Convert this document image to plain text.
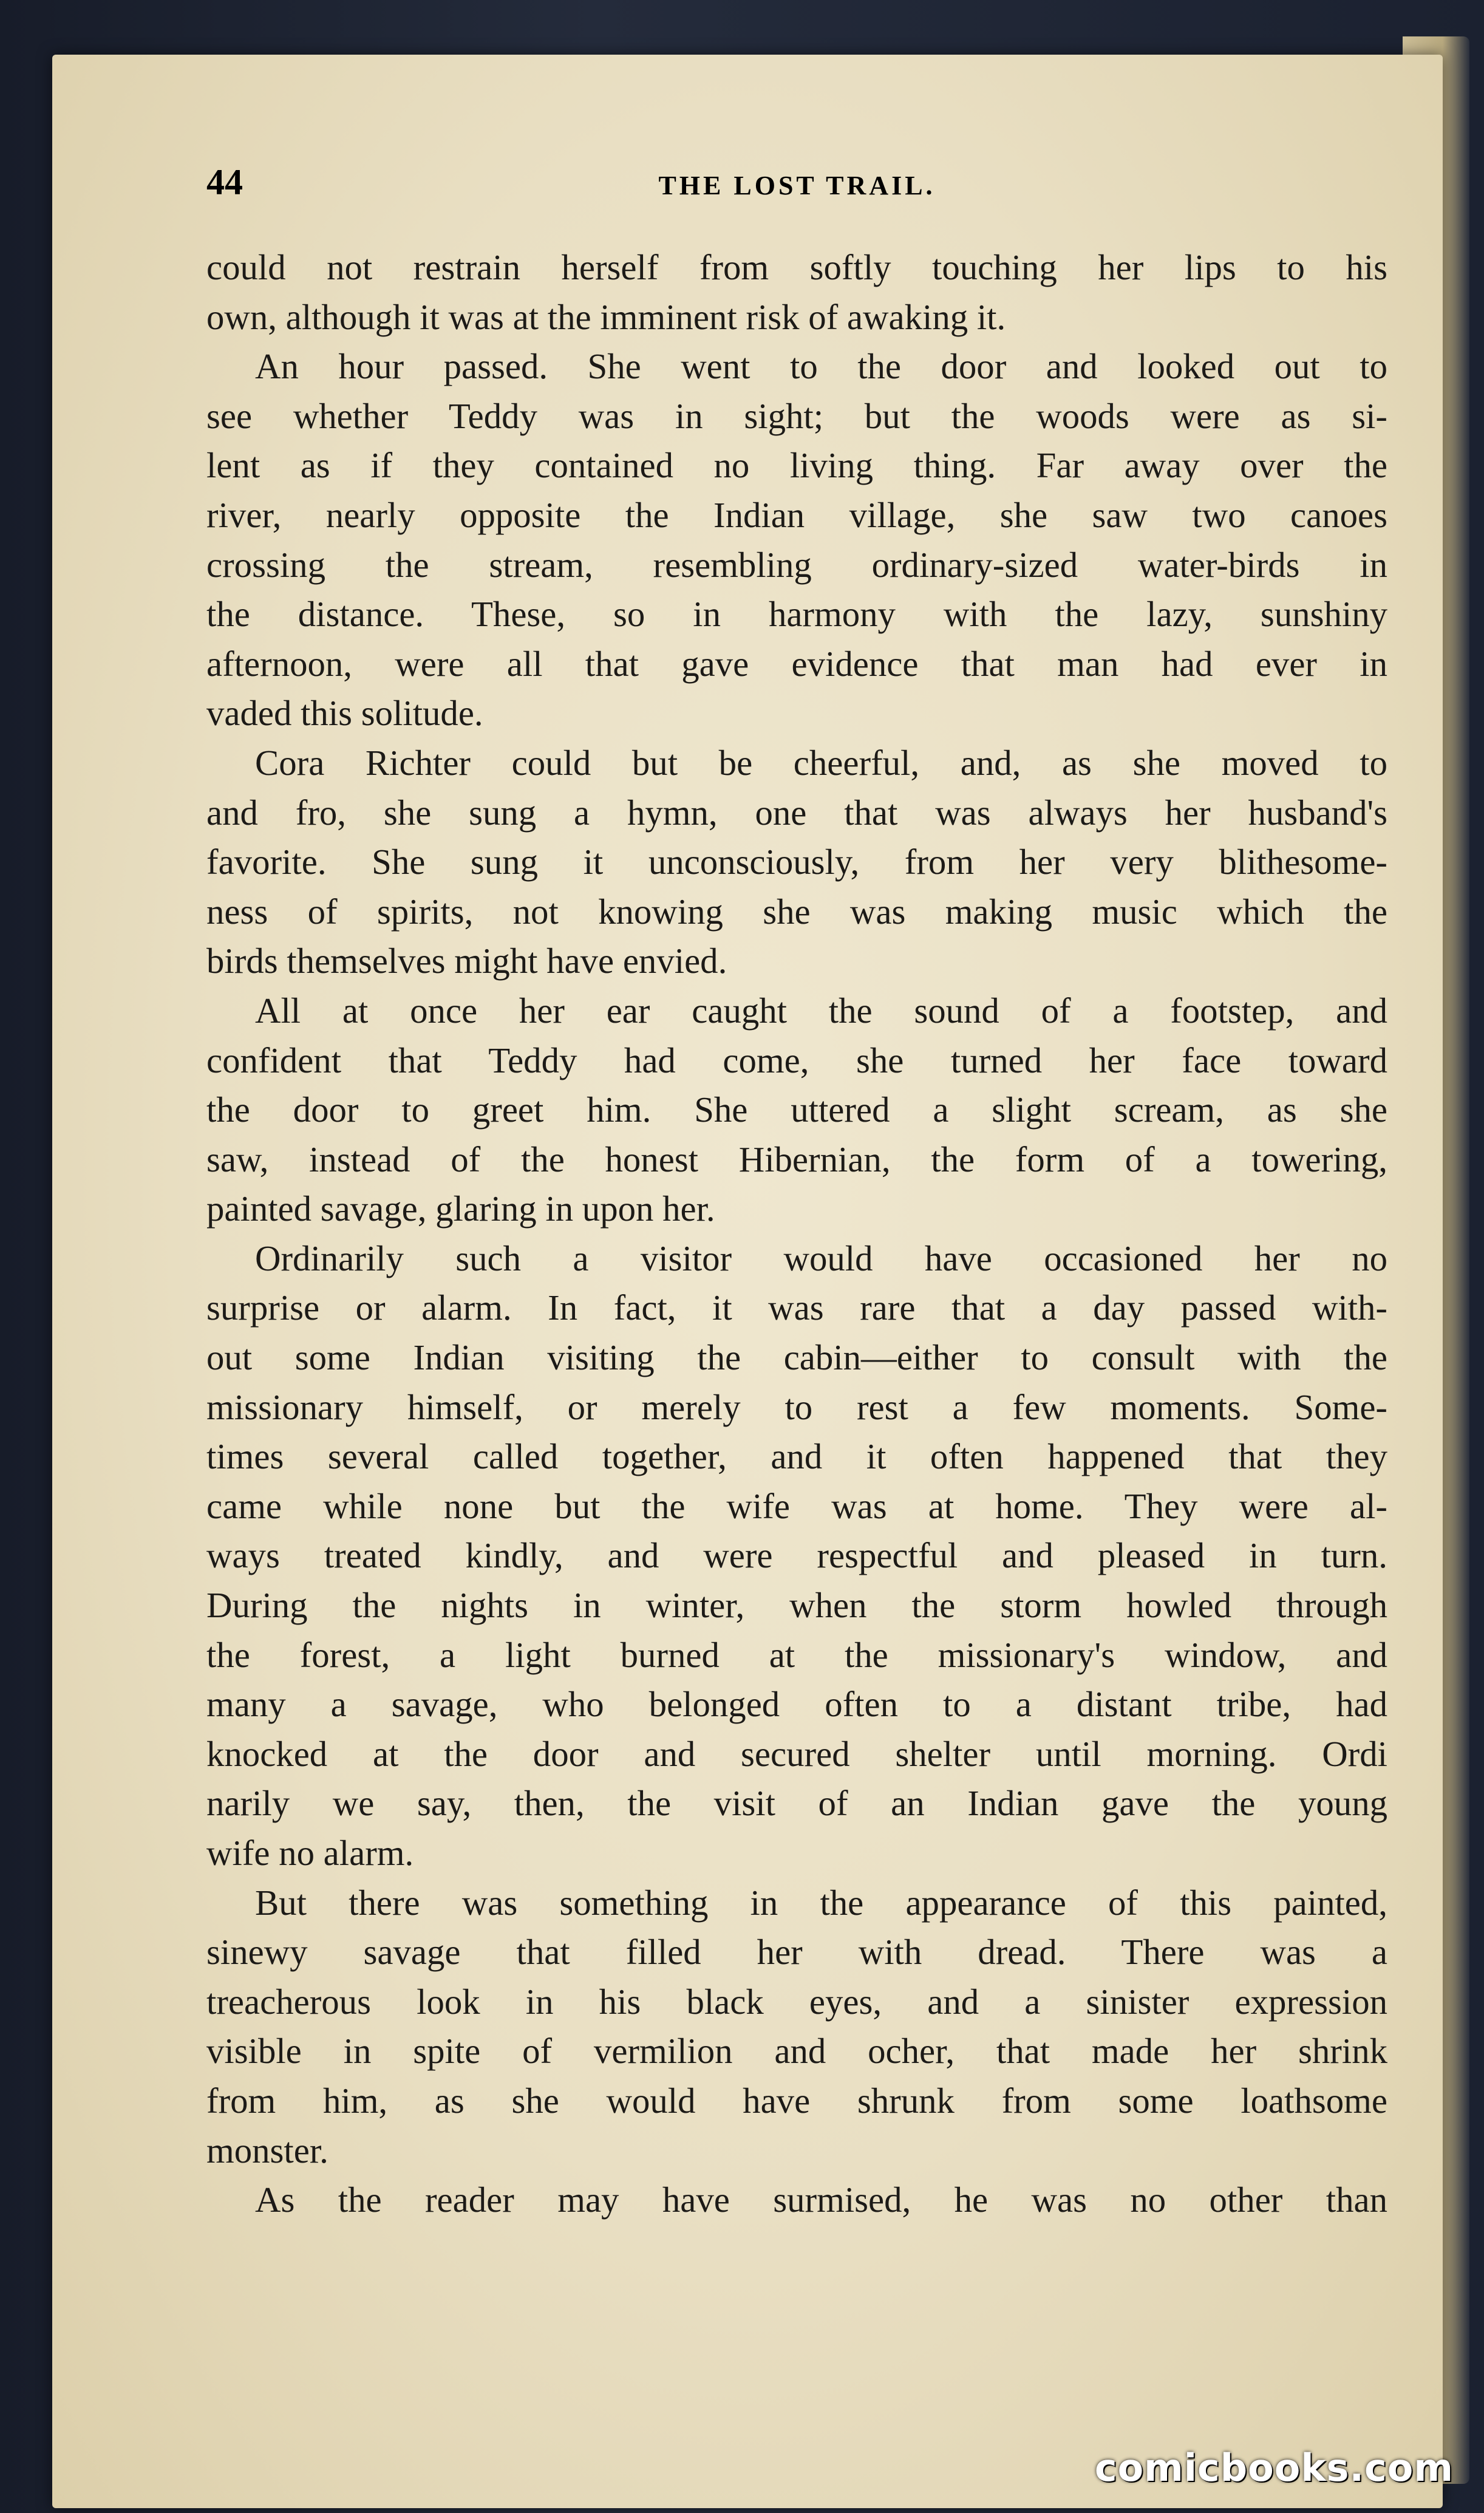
44	THE LOST TRAIL.
could not restrain herself from softly touching her lips to his
own, although it was at the imminent risk of awaking it.
An hour passed. She went to the door and looked out to
see whether Teddy was in sight; but the woods were as si-
lent as if they contained no living thing. Far away over the
river, nearly opposite the Indian village, she saw two canoes
crossing the stream, resembling ordinary-sized water-birds in
the distance. These, so in harmony with the lazy, sunshiny
afternoon, were all that gave evidence that man had ever in
vaded this solitude.
Cora Richter could but be cheerful, and, as she moved to
and fro, she sung a hymn, one that was always her husband's
favorite. She sung it unconsciously, from her very blithesome-
ness of spirits, not knowing she was making music which the
birds themselves might have envied.
All at once her ear caught the sound of a footstep, and
confident that Teddy had come, she turned her face toward
the door to greet him. She uttered a slight scream, as she
saw, instead of the honest Hibernian, the form of a towering,
painted savage, glaring in upon her.
Ordinarily such a visitor would have occasioned her no
surprise or alarm. In fact, it was rare that a day passed with-
out some Indian visiting the cabin—either to consult with the
missionary himself, or merely to rest a few moments. Some-
times several called together, and it often happened that they
came while none but the wife was at home. They were al-
ways treated kindly, and were respectful and pleased in turn.
During the nights in winter, when the storm howled through
the forest, a light burned at the missionary's window, and
many a savage, who belonged often to a distant tribe, had
knocked at the door and secured shelter until morning. Ordi
narily we say, then, the visit of an Indian gave the young
wife no alarm.
But there was something in the appearance of this painted,
sinewy savage that filled her with dread. There was a
treacherous look in his black eyes, and a sinister expression
visible in spite of vermilion and ocher, that made her shrink
from him, as she would have shrunk from some loathsome
monster.
As the reader may have surmised, he was no other than
comicbooks.com
